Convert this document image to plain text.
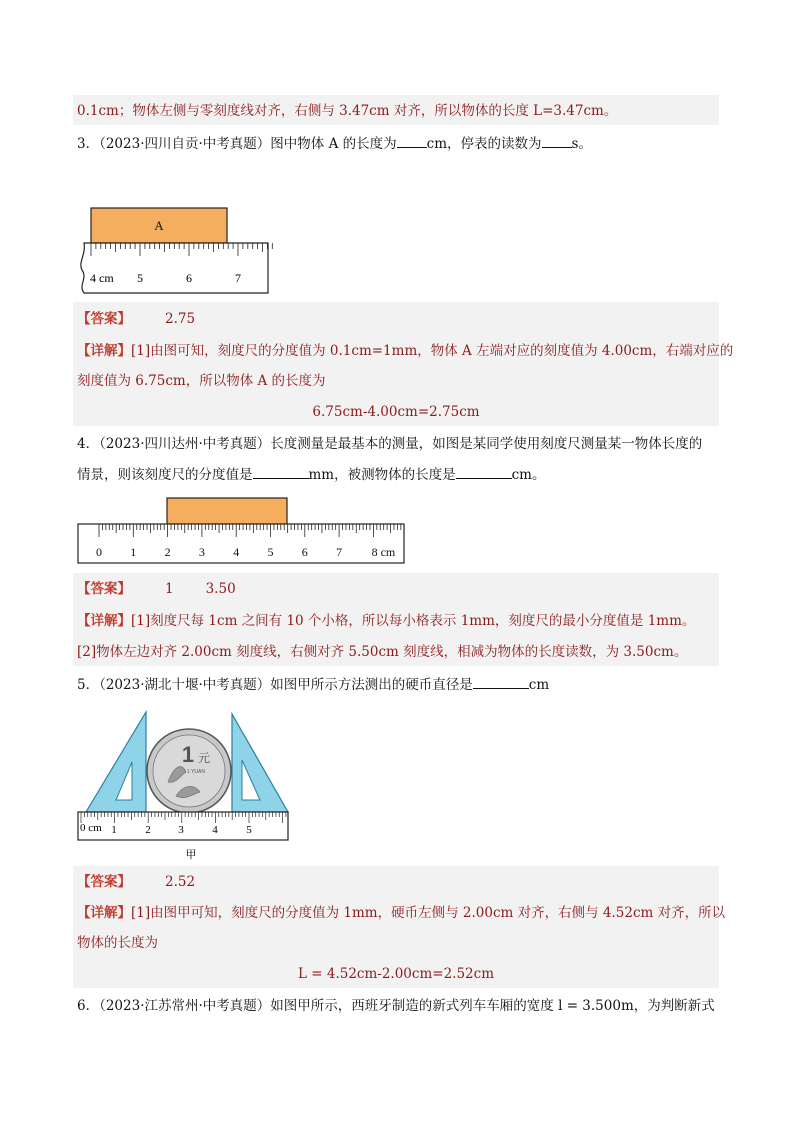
0.1cm；物体左侧与零刻度线对齐，右侧与 3.47cm 对齐，所以物体的长度 L=3.47cm。
3．（2023·四川自贡·中考真题）图中物体 A 的长度为 cm，停表的读数为 s。
A
4 cm 5	6	7
【答案】	2.75
【详解】[1]由图可知，刻度尺的分度值为 0.1cm=1mm，物体 A 左端对应的刻度值为 4.00cm，右端对应的
刻度值为 6.75cm，所以物体 A 的长度为
6.75cm-4.00cm=2.75cm
4．（2023·四川达州·中考真题）长度测量是最基本的测量，如图是某同学使用刻度尺测量某一物体长度的
情景，则该刻度尺的分度值是	mm，被测物体的长度是	cm。
0 1 2 3 4 5 6 7 8 cm
【答案】	1 3.50
【详解】[1]刻度尺每 1cm 之间有 10 个小格，所以每小格表示 1mm，刻度尺的最小分度值是 1mm。
[2]物体左边对齐 2.00cm 刻度线，右侧对齐 5.50cm 刻度线，相减为物体的长度读数，为 3.50cm。
5．（2023·湖北十堰·中考真题）如图甲所示方法测出的硬币直径是	cm
1 元
1 YUAN
0 cm 1	2	3	4	5
甲
【答案】	2.52
【详解】[1]由图甲可知，刻度尺的分度值为 1mm，硬币左侧与 2.00cm 对齐，右侧与 4.52cm 对齐，所以
物体的长度为
L = 4.52cm-2.00cm=2.52cm
6．（2023·江苏常州·中考真题）如图甲所示，西班牙制造的新式列车车厢的宽度 l = 3.500m，为判断新式
